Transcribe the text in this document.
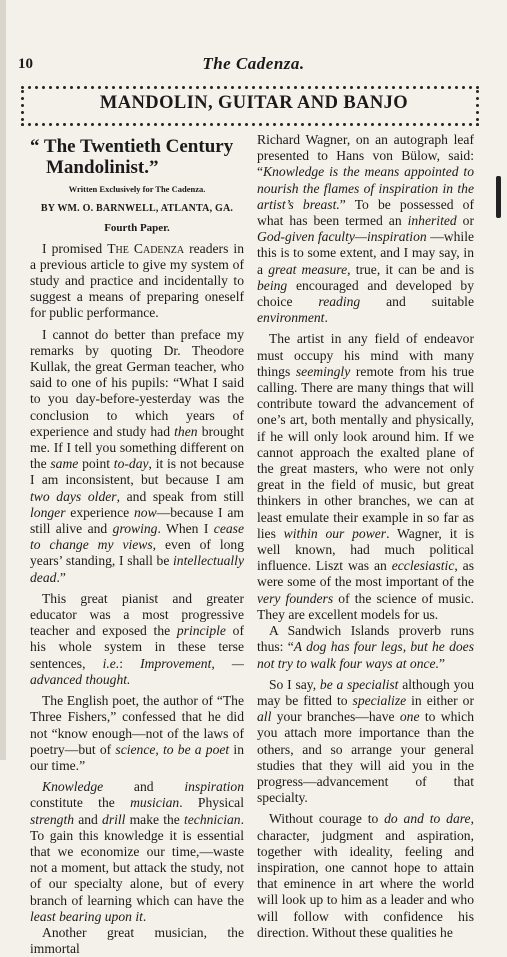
10	The Cadenza.
MANDOLIN, GUITAR AND BANJO
“ The Twentieth Century Mandolinist.”
Written Exclusively for The Cadenza.
BY WM. O. BARNWELL, ATLANTA, GA.
Fourth Paper.

I promised The Cadenza readers in a previous article to give my system of study and practice and incidentally to suggest a means of preparing oneself for public performance.

I cannot do better than preface my remarks by quoting Dr. Theodore Kullak, the great German teacher, who said to one of his pupils: “What I said to you day-before-yesterday was the conclusion to which years of experience and study had then brought me. If I tell you something different on the same point to-day, it is not because I am inconsistent, but because I am two days older, and speak from still longer experience now—because I am still alive and growing. When I cease to change my views, even of long years’ standing, I shall be intellectually dead.”

This great pianist and greater educator was a most progressive teacher and exposed the principle of his whole system in these terse sentences, i.e.: Improvement, —advanced thought.

The English poet, the author of “The Three Fishers,” confessed that he did not “know enough—not of the laws of poetry—but of science, to be a poet in our time.”

Knowledge and inspiration constitute the musician. Physical strength and drill make the technician. To gain this knowledge it is essential that we economize our time,—waste not a moment, but attack the study, not of our specialty alone, but of every branch of learning which can have the least bearing upon it.

Another great musician, the immortal

Richard Wagner, on an autograph leaf presented to Hans von Bülow, said: “Knowledge is the means appointed to nourish the flames of inspiration in the artist’s breast.” To be possessed of what has been termed an inherited or God-given faculty—inspiration —while this is to some extent, and I may say, in a great measure, true, it can be and is being encouraged and developed by choice reading and suitable environment.

The artist in any field of endeavor must occupy his mind with many things seemingly remote from his true calling. There are many things that will contribute toward the advancement of one’s art, both mentally and physically, if he will only look around him. If we cannot approach the exalted plane of the great masters, who were not only great in the field of music, but great thinkers in other branches, we can at least emulate their example in so far as lies within our power. Wagner, it is well known, had much political influence. Liszt was an ecclesiastic, as were some of the most important of the very founders of the science of music. They are excellent models for us.

A Sandwich Islands proverb runs thus: “A dog has four legs, but he does not try to walk four ways at once.”

So I say, be a specialist although you may be fitted to specialize in either or all your branches—have one to which you attach more importance than the others, and so arrange your general studies that they will aid you in the progress—advancement of that specialty.

Without courage to do and to dare, character, judgment and aspiration, together with ideality, feeling and inspiration, one cannot hope to attain that eminence in art where the world will look up to him as a leader and who will follow with confidence his direction. Without these qualities he
